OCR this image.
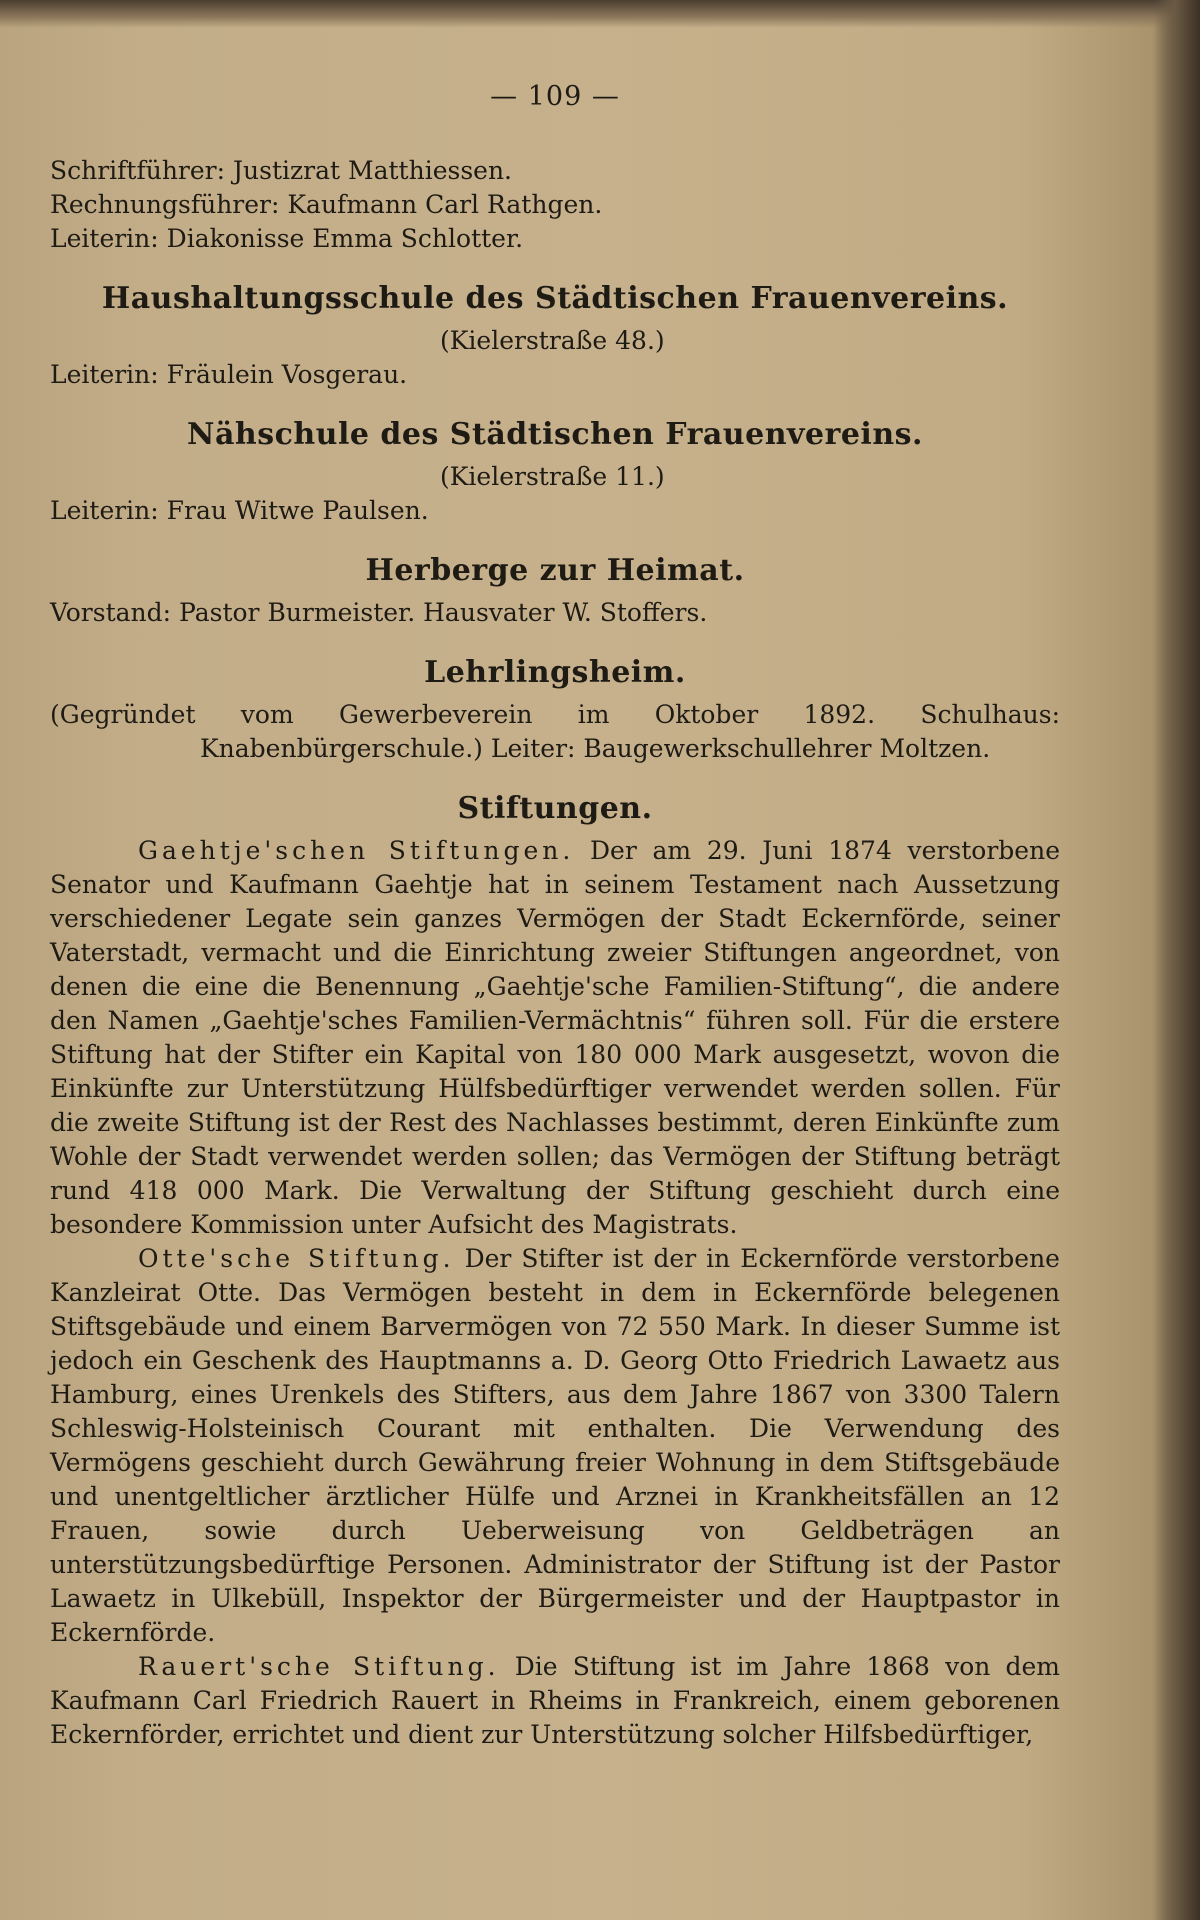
— 109 —

Schriftführer: Justizrat Matthiessen.

Rechnungsführer: Kaufmann Carl Rathgen.

Leiterin: Diakonisse Emma Schlotter.

Haushaltungsschule des Städtischen Frauenvereins.

(Kielerstraße 48.)

Leiterin: Fräulein Vosgerau.

Nähschule des Städtischen Frauenvereins.

(Kielerstraße 11.)

Leiterin: Frau Witwe Paulsen.

Herberge zur Heimat.

Vorstand: Pastor Burmeister. Hausvater W. Stoffers.

Lehrlingsheim.

(Gegründet vom Gewerbeverein im Oktober 1892. Schulhaus: Knabenbürgerschule.) Leiter: Baugewerkschullehrer Moltzen.

Stiftungen.

Gaehtje'schen Stiftungen. Der am 29. Juni 1874 verstorbene Senator und Kaufmann Gaehtje hat in seinem Testament nach Aussetzung verschiedener Legate sein ganzes Vermögen der Stadt Eckernförde, seiner Vaterstadt, vermacht und die Einrichtung zweier Stiftungen angeordnet, von denen die eine die Benennung „Gaehtje'sche Familien-Stiftung“, die andere den Namen „Gaehtje'sches Familien-Vermächtnis“ führen soll. Für die erstere Stiftung hat der Stifter ein Kapital von 180 000 Mark ausgesetzt, wovon die Einkünfte zur Unterstützung Hülfsbedürftiger verwendet werden sollen. Für die zweite Stiftung ist der Rest des Nachlasses bestimmt, deren Einkünfte zum Wohle der Stadt verwendet werden sollen; das Vermögen der Stiftung beträgt rund 418 000 Mark. Die Verwaltung der Stiftung geschieht durch eine besondere Kommission unter Aufsicht des Magistrats.

Otte'sche Stiftung. Der Stifter ist der in Eckernförde verstorbene Kanzleirat Otte. Das Vermögen besteht in dem in Eckernförde belegenen Stiftsgebäude und einem Barvermögen von 72 550 Mark. In dieser Summe ist jedoch ein Geschenk des Hauptmanns a. D. Georg Otto Friedrich Lawaetz aus Hamburg, eines Urenkels des Stifters, aus dem Jahre 1867 von 3300 Talern Schleswig-Holsteinisch Courant mit enthalten. Die Verwendung des Vermögens geschieht durch Gewährung freier Wohnung in dem Stiftsgebäude und unentgeltlicher ärztlicher Hülfe und Arznei in Krankheitsfällen an 12 Frauen, sowie durch Ueberweisung von Geldbeträgen an unterstützungsbedürftige Personen. Administrator der Stiftung ist der Pastor Lawaetz in Ulkebüll, Inspektor der Bürgermeister und der Hauptpastor in Eckernförde.

Rauert'sche Stiftung. Die Stiftung ist im Jahre 1868 von dem Kaufmann Carl Friedrich Rauert in Rheims in Frankreich, einem geborenen Eckernförder, errichtet und dient zur Unterstützung solcher Hilfsbedürftiger,
